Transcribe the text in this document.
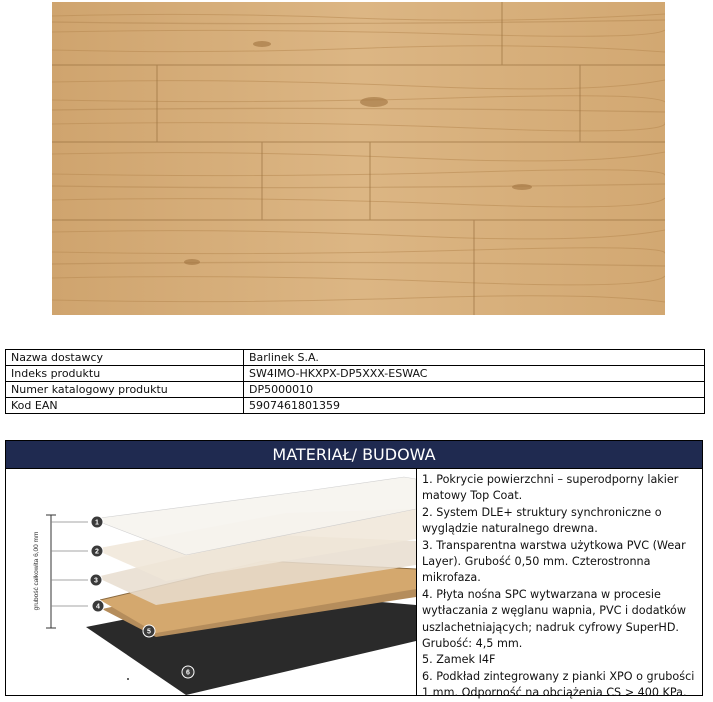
Nazwa dostawcy	Barlinek S.A.
Indeks produktu	SW4IMO-HKXPX-DP5XXX-ESWAC
Numer katalogowy produktu	DP5000010
Kod EAN	5907461801359
MATERIAŁ/ BUDOWA
grubość całkowita 6,00 mm
1
2
3
4
5
6
1. Pokrycie powierzchni – superodporny lakier matowy Top Coat.
2. System DLE+ struktury synchroniczne o wyglądzie naturalnego drewna.
3. Transparentna warstwa użytkowa PVC (Wear Layer). Grubość 0,50 mm. Czterostronna mikrofaza.
4. Płyta nośna SPC wytwarzana w procesie wytłaczania z węglanu wapnia, PVC i dodatków uszlachetniających; nadruk cyfrowy SuperHD. Grubość: 4,5 mm.
5. Zamek I4F
6. Podkład zintegrowany z pianki XPO o grubości 1 mm. Odporność na obciążenia CS > 400 KPa.
